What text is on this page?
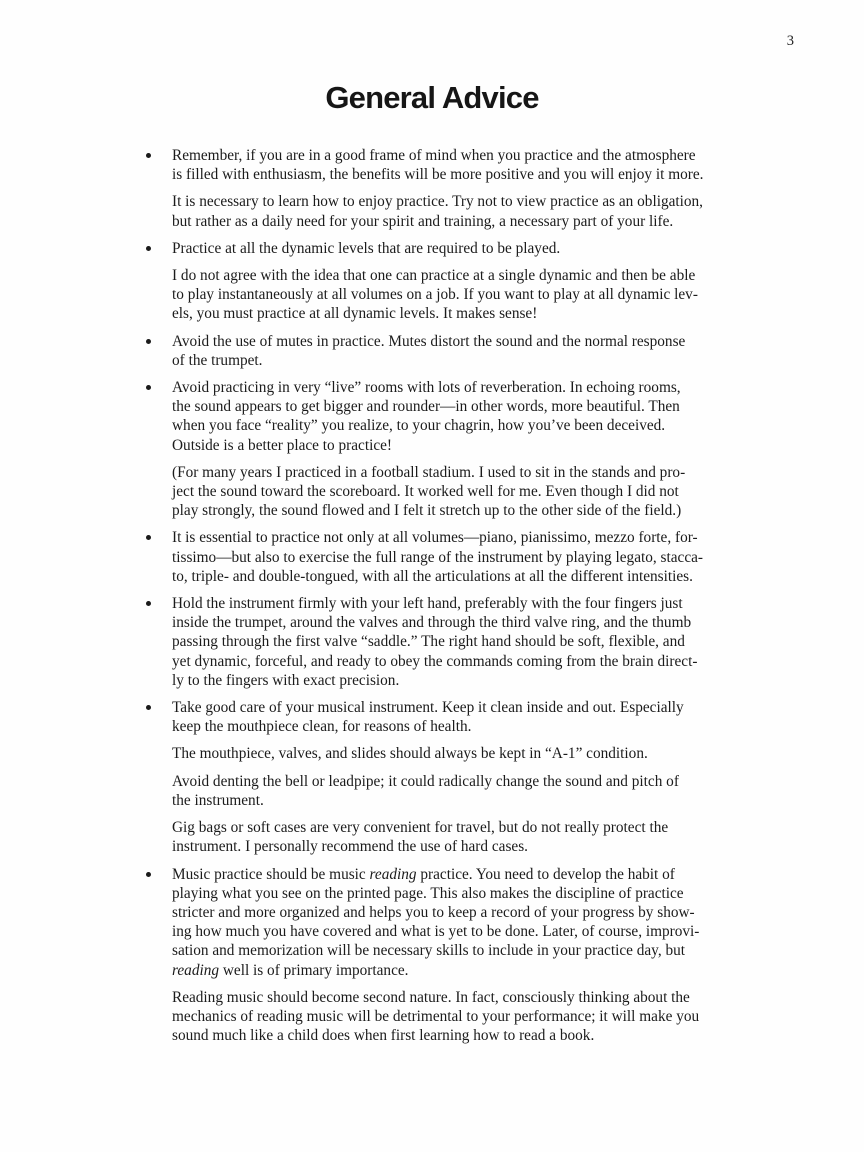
3
General Advice
Remember, if you are in a good frame of mind when you practice and the atmosphere
is filled with enthusiasm, the benefits will be more positive and you will enjoy it more.
It is necessary to learn how to enjoy practice. Try not to view practice as an obligation,
but rather as a daily need for your spirit and training, a necessary part of your life.
Practice at all the dynamic levels that are required to be played.
I do not agree with the idea that one can practice at a single dynamic and then be able
to play instantaneously at all volumes on a job. If you want to play at all dynamic lev-
els, you must practice at all dynamic levels. It makes sense!
Avoid the use of mutes in practice. Mutes distort the sound and the normal response
of the trumpet.
Avoid practicing in very “live” rooms with lots of reverberation. In echoing rooms,
the sound appears to get bigger and rounder—in other words, more beautiful. Then
when you face “reality” you realize, to your chagrin, how you’ve been deceived.
Outside is a better place to practice!
(For many years I practiced in a football stadium. I used to sit in the stands and pro-
ject the sound toward the scoreboard. It worked well for me. Even though I did not
play strongly, the sound flowed and I felt it stretch up to the other side of the field.)
It is essential to practice not only at all volumes—piano, pianissimo, mezzo forte, for-
tissimo—but also to exercise the full range of the instrument by playing legato, stacca-
to, triple- and double-tongued, with all the articulations at all the different intensities.
Hold the instrument firmly with your left hand, preferably with the four fingers just
inside the trumpet, around the valves and through the third valve ring, and the thumb
passing through the first valve “saddle.” The right hand should be soft, flexible, and
yet dynamic, forceful, and ready to obey the commands coming from the brain direct-
ly to the fingers with exact precision.
Take good care of your musical instrument. Keep it clean inside and out. Especially
keep the mouthpiece clean, for reasons of health.
The mouthpiece, valves, and slides should always be kept in “A-1” condition.
Avoid denting the bell or leadpipe; it could radically change the sound and pitch of
the instrument.
Gig bags or soft cases are very convenient for travel, but do not really protect the
instrument. I personally recommend the use of hard cases.
Music practice should be music reading practice. You need to develop the habit of
playing what you see on the printed page. This also makes the discipline of practice
stricter and more organized and helps you to keep a record of your progress by show-
ing how much you have covered and what is yet to be done. Later, of course, improvi-
sation and memorization will be necessary skills to include in your practice day, but
reading well is of primary importance.
Reading music should become second nature. In fact, consciously thinking about the
mechanics of reading music will be detrimental to your performance; it will make you
sound much like a child does when first learning how to read a book.
